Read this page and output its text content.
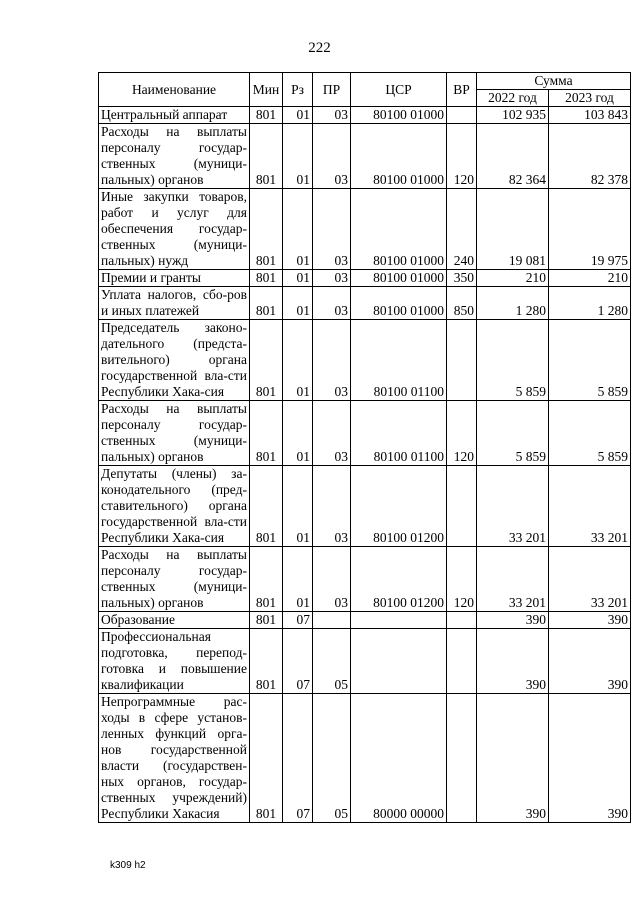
222
Наименование	Мин	Рз	ПР	ЦСР	ВР	Сумма	
						2022 год	2023 год
Центральный аппарат	801	01	03	80100 01000		102 935	103 843
Расходы на выплаты персоналу государ-ственных (муници-пальных) органов	801	01	03	80100 01000	120	82 364	82 378
Иные закупки товаров, работ и услуг для обеспечения государ-ственных (муници-пальных) нужд	801	01	03	80100 01000	240	19 081	19 975
Премии и гранты	801	01	03	80100 01000	350	210	210
Уплата налогов, сбо-ров и иных платежей	801	01	03	80100 01000	850	1 280	1 280
Председатель законо-дательного (предста-вительного) органа государственной вла-сти Республики Хака-сия	801	01	03	80100 01100		5 859	5 859
Расходы на выплаты персоналу государ-ственных (муници-пальных) органов	801	01	03	80100 01100	120	5 859	5 859
Депутаты (члены) за-конодательного (пред-ставительного) органа государственной вла-сти Республики Хака-сия	801	01	03	80100 01200		33 201	33 201
Расходы на выплаты персоналу государ-ственных (муници-пальных) органов	801	01	03	80100 01200	120	33 201	33 201
Образование	801	07				390	390
Профессиональная подготовка, перепод-готовка и повышение квалификации	801	07	05			390	390
Непрограммные рас-ходы в сфере установ-ленных функций орга-нов государственной власти (государствен-ных органов, государ-ственных учреждений) Республики Хакасия	801	07	05	80000 00000		390	390
k309 h2
